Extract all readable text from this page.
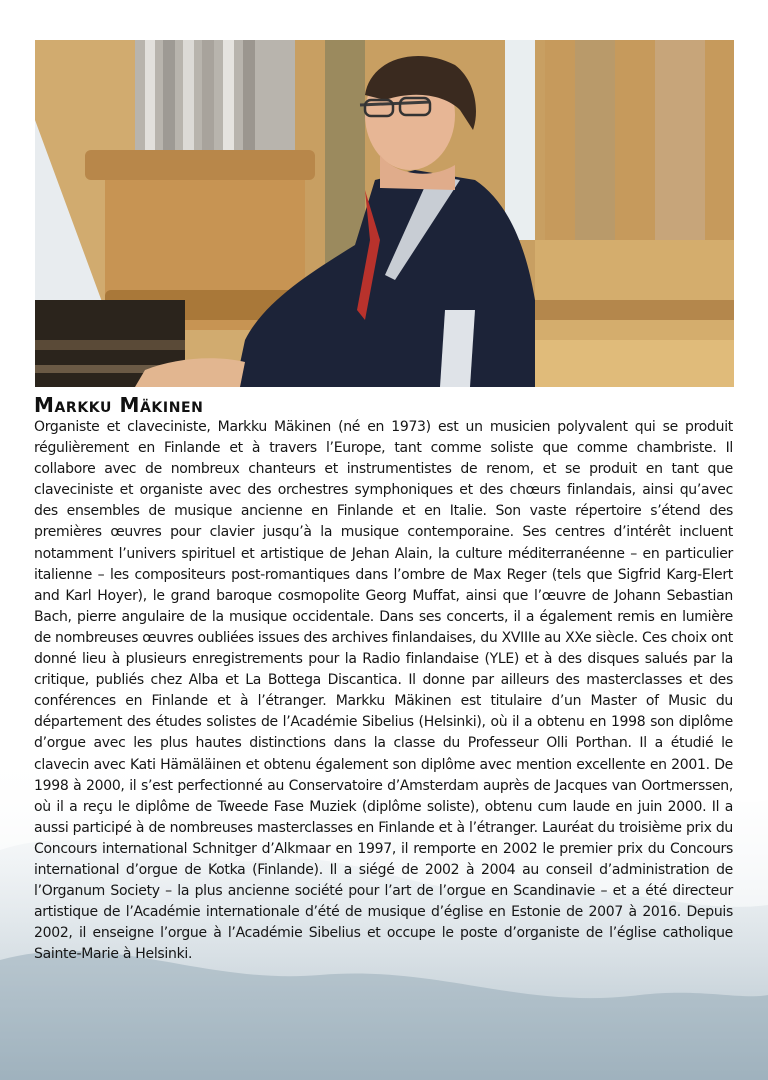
Markku Mäkinen

Organiste et claveciniste, Markku Mäkinen (né en 1973) est un musicien polyvalent qui se produit régulièrement en Finlande et à travers l’Europe, tant comme soliste que comme chambriste. Il collabore avec de nombreux chanteurs et instrumentistes de renom, et se produit en tant que claveciniste et organiste avec des orchestres symphoniques et des chœurs finlandais, ainsi qu’avec des ensembles de musique ancienne en Finlande et en Italie. Son vaste répertoire s’étend des premières œuvres pour clavier jusqu’à la musique contemporaine. Ses centres d’intérêt incluent notamment l’univers spirituel et artistique de Jehan Alain, la culture méditerranéenne – en particulier italienne – les compositeurs post-romantiques dans l’ombre de Max Reger (tels que Sigfrid Karg-Elert and Karl Hoyer), le grand baroque cosmopolite Georg Muffat, ainsi que l’œuvre de Johann Sebastian Bach, pierre angulaire de la musique occidentale. Dans ses concerts, il a également remis en lumière de nombreuses œuvres oubliées issues des archives finlandaises, du XVIIIe au XXe siècle. Ces choix ont donné lieu à plusieurs enregistrements pour la Radio finlandaise (YLE) et à des disques salués par la critique, publiés chez Alba et La Bottega Discantica. Il donne par ailleurs des masterclasses et des conférences en Finlande et à l’étranger. Markku Mäkinen est titulaire d’un Master of Music du département des études solistes de l’Académie Sibelius (Helsinki), où il a obtenu en 1998 son diplôme d’orgue avec les plus hautes distinctions dans la classe du Professeur Olli Porthan. Il a étudié le clavecin avec Kati Hämäläinen et obtenu également son diplôme avec mention excellente en 2001. De 1998 à 2000, il s’est perfectionné au Conservatoire d’Amsterdam auprès de Jacques van Oortmerssen, où il a reçu le diplôme de Tweede Fase Muziek (diplôme soliste), obtenu cum laude en juin 2000. Il a aussi participé à de nombreuses masterclasses en Finlande et à l’étranger. Lauréat du troisième prix du Concours international Schnitger d’Alkmaar en 1997, il remporte en 2002 le premier prix du Concours international d’orgue de Kotka (Finlande). Il a siégé de 2002 à 2004 au conseil d’administration de l’Organum Society – la plus ancienne société pour l’art de l’orgue en Scandinavie – et a été directeur artistique de l’Académie internationale d’été de musique d’église en Estonie de 2007 à 2016. Depuis 2002, il enseigne l’orgue à l’Académie Sibelius et occupe le poste d’organiste de l’église catholique Sainte-Marie à Helsinki.
